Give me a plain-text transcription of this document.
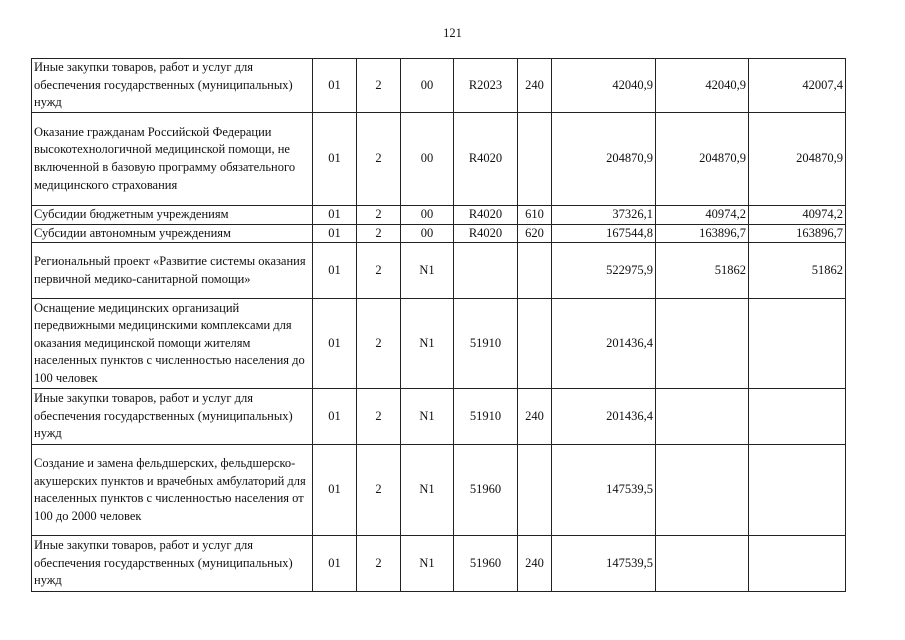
121
Иные закупки товаров, работ и услуг для обеспечения государственных (муниципальных) нужд	01	2	00	R2023	240	42040,9	42040,9	42007,4
Оказание гражданам Российской Федерации высокотехнологичной медицинской помощи, не включенной в базовую программу обязательного медицинского страхования	01	2	00	R4020		204870,9	204870,9	204870,9
Субсидии бюджетным учреждениям	01	2	00	R4020	610	37326,1	40974,2	40974,2
Субсидии автономным учреждениям	01	2	00	R4020	620	167544,8	163896,7	163896,7
Региональный проект «Развитие системы оказания первичной медико-санитарной помощи»	01	2	N1			522975,9	51862	51862
Оснащение медицинских организаций передвижными медицинскими комплексами для оказания медицинской помощи жителям населенных пунктов с численностью населения до 100 человек	01	2	N1	51910		201436,4		
Иные закупки товаров, работ и услуг для обеспечения государственных (муниципальных) нужд	01	2	N1	51910	240	201436,4		
Создание и замена фельдшерских, фельдшерско-акушерских пунктов и врачебных амбулаторий для населенных пунктов с численностью населения от 100 до 2000 человек	01	2	N1	51960		147539,5		
Иные закупки товаров, работ и услуг для обеспечения государственных (муниципальных) нужд	01	2	N1	51960	240	147539,5		
